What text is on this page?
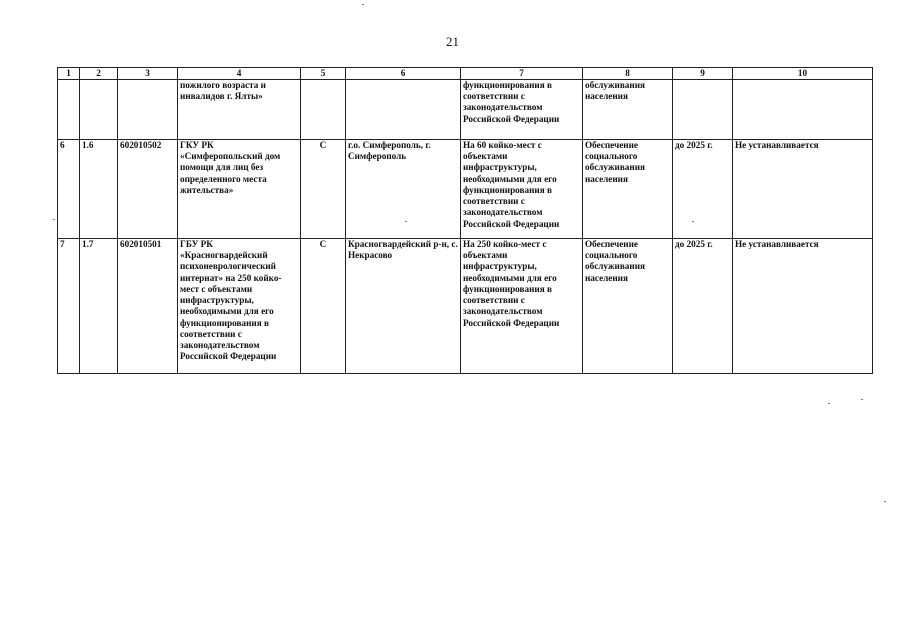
21
1	2	3	4	5	6	7	8	9	10
			пожилого возраста и инвалидов г. Ялты»			функционирования в соответствии с законодательством Российской Федерации	обслуживания населения		
6	1.6	602010502	ГКУ РК «Симферопольский дом помощи для лиц без определенного места жительства»	С	г.о. Симферополь, г. Симферополь	На 60 койко-мест с объектами инфраструктуры, необходимыми для его функционирования в соответствии с законодательством Российской Федерации	Обеспечение социального обслуживания населения	до 2025 г.	Не устанавливается
7	1.7	602010501	ГБУ РК «Красногвардейский психоневрологический интернат» на 250 койко-мест с объектами инфраструктуры, необходимыми для его функционирования в соответствии с законодательством Российской Федерации	С	Красногвардейский р-н, с. Некрасово	На 250 койко-мест с объектами инфраструктуры, необходимыми для его функционирования в соответствии с законодательством Российской Федерации	Обеспечение социального обслуживания населения	до 2025 г.	Не устанавливается
